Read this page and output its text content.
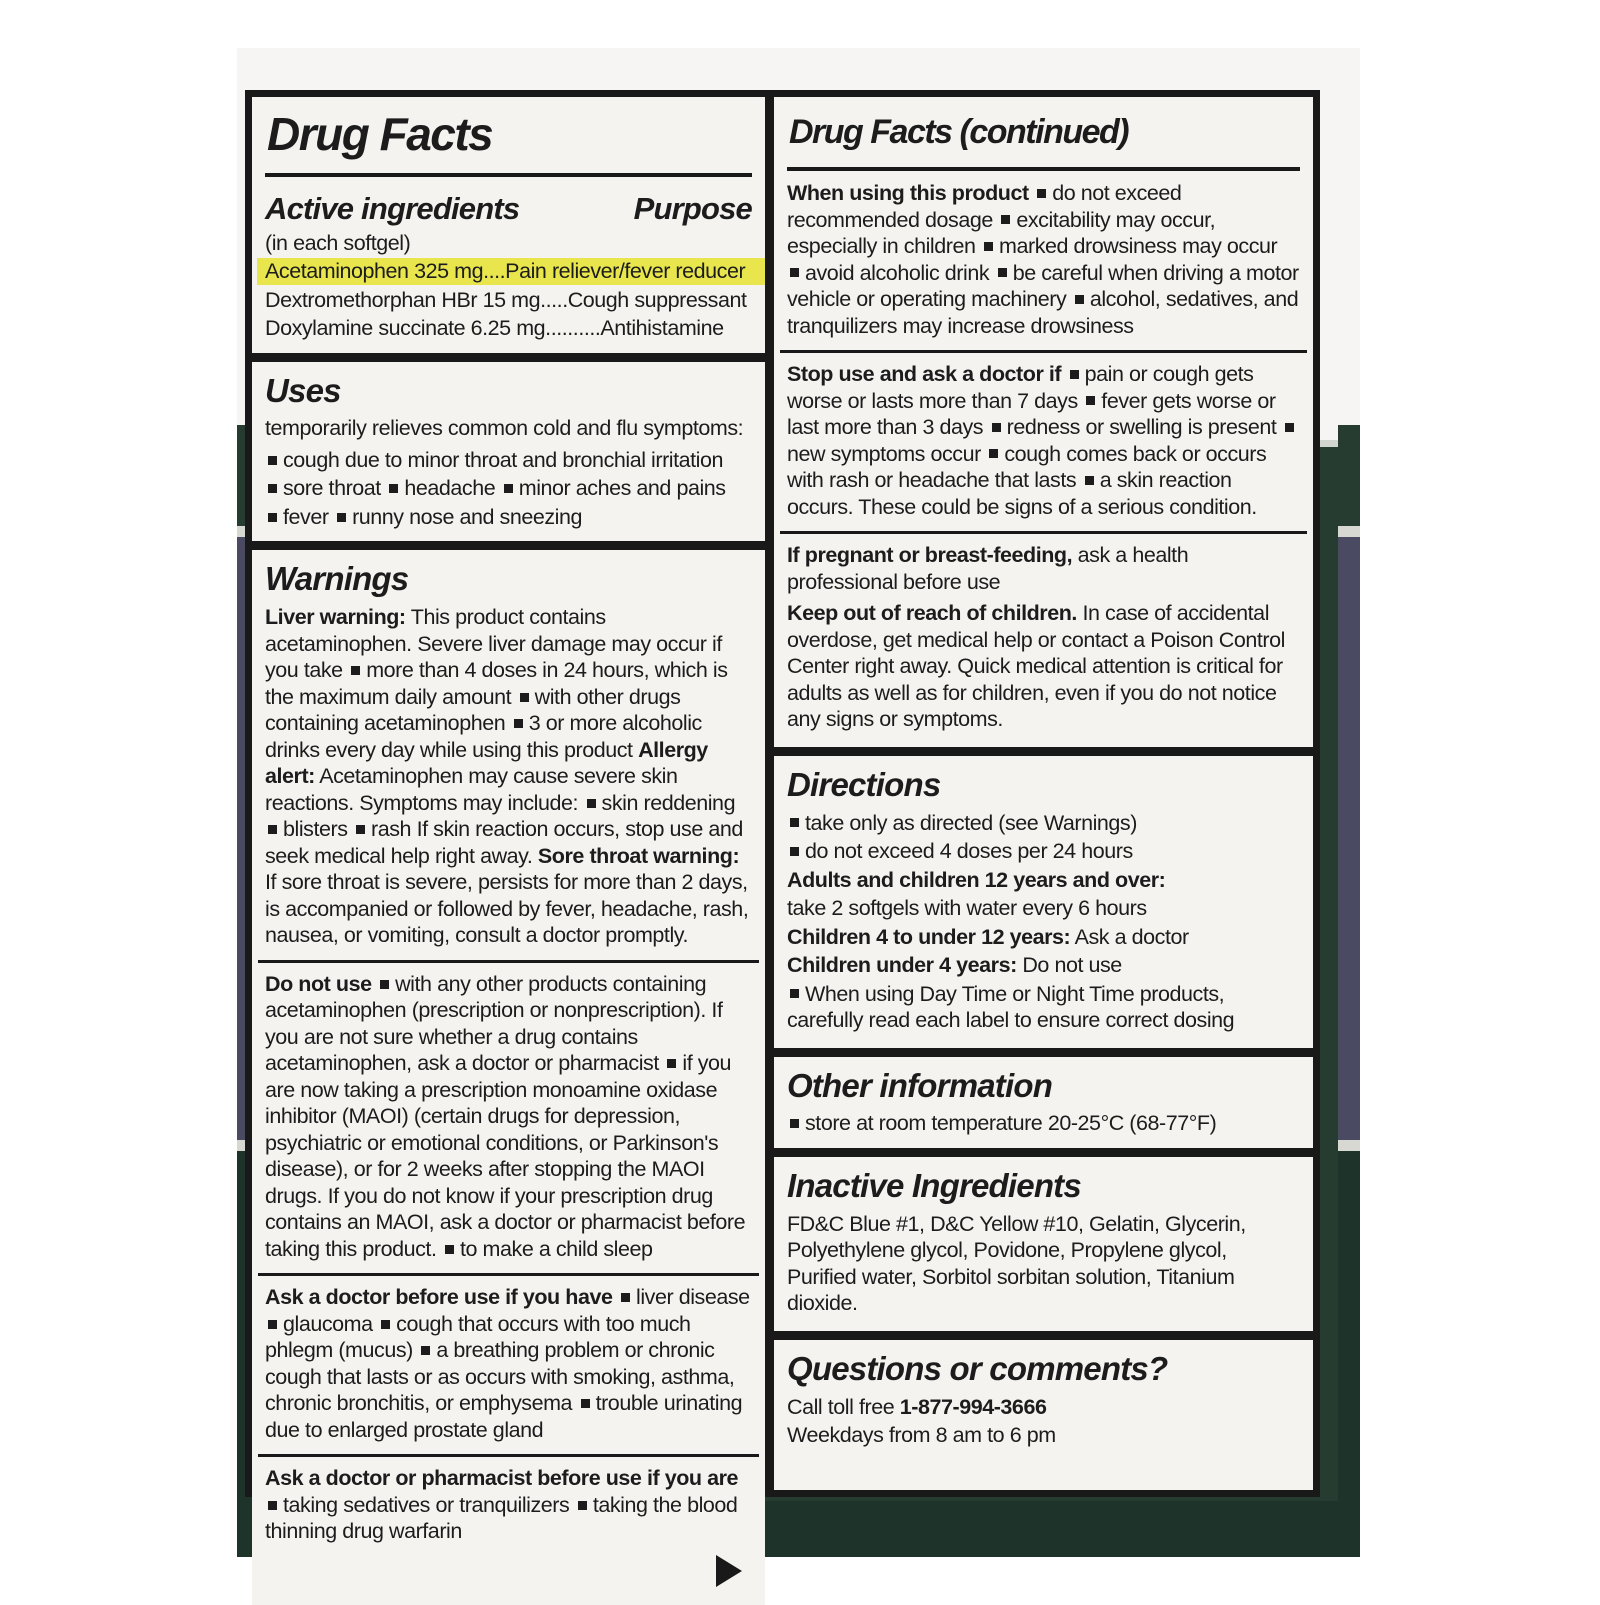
Drug Facts
Active ingredients	Purpose
(in each softgel)
Acetaminophen 325 mg....Pain reliever/fever reducer
Dextromethorphan HBr 15 mg.....Cough suppressant
Doxylamine succinate 6.25 mg..........Antihistamine
Uses
temporarily relieves common cold and flu symptoms:
cough due to minor throat and bronchial irritation
sore throat headache minor aches and pains
fever runny nose and sneezing
Warnings
Liver warning: This product contains acetaminophen. Severe liver damage may occur if you take more than 4 doses in 24 hours, which is the maximum daily amount with other drugs containing acetaminophen 3 or more alcoholic drinks every day while using this product Allergy alert: Acetaminophen may cause severe skin reactions. Symptoms may include: skin reddening blisters rash If skin reaction occurs, stop use and seek medical help right away. Sore throat warning: If sore throat is severe, persists for more than 2 days, is accompanied or followed by fever, headache, rash, nausea, or vomiting, consult a doctor promptly.
Do not use with any other products containing acetaminophen (prescription or nonprescription). If you are not sure whether a drug contains acetaminophen, ask a doctor or pharmacist if you are now taking a prescription monoamine oxidase inhibitor (MAOI) (certain drugs for depression, psychiatric or emotional conditions, or Parkinson's disease), or for 2 weeks after stopping the MAOI drugs. If you do not know if your prescription drug contains an MAOI, ask a doctor or pharmacist before taking this product. to make a child sleep
Ask a doctor before use if you have liver disease glaucoma cough that occurs with too much phlegm (mucus) a breathing problem or chronic cough that lasts or as occurs with smoking, asthma, chronic bronchitis, or emphysema trouble urinating due to enlarged prostate gland
Ask a doctor or pharmacist before use if you are taking sedatives or tranquilizers taking the blood thinning drug warfarin
Drug Facts (continued)
When using this product do not exceed recommended dosage excitability may occur, especially in children marked drowsiness may occur avoid alcoholic drink be careful when driving a motor vehicle or operating machinery alcohol, sedatives, and tranquilizers may increase drowsiness
Stop use and ask a doctor if pain or cough gets worse or lasts more than 7 days fever gets worse or last more than 3 days redness or swelling is present new symptoms occur cough comes back or occurs with rash or headache that lasts a skin reaction occurs. These could be signs of a serious condition.
If pregnant or breast-feeding, ask a health professional before use
Keep out of reach of children. In case of accidental overdose, get medical help or contact a Poison Control Center right away. Quick medical attention is critical for adults as well as for children, even if you do not notice any signs or symptoms.
Directions
take only as directed (see Warnings)
do not exceed 4 doses per 24 hours
Adults and children 12 years and over:
take 2 softgels with water every 6 hours
Children 4 to under 12 years: Ask a doctor
Children under 4 years: Do not use
When using Day Time or Night Time products, carefully read each label to ensure correct dosing
Other information
store at room temperature 20-25°C (68-77°F)
Inactive Ingredients
FD&C Blue #1, D&C Yellow #10, Gelatin, Glycerin, Polyethylene glycol, Povidone, Propylene glycol, Purified water, Sorbitol sorbitan solution, Titanium dioxide.
Questions or comments?
Call toll free 1-877-994-3666
Weekdays from 8 am to 6 pm
